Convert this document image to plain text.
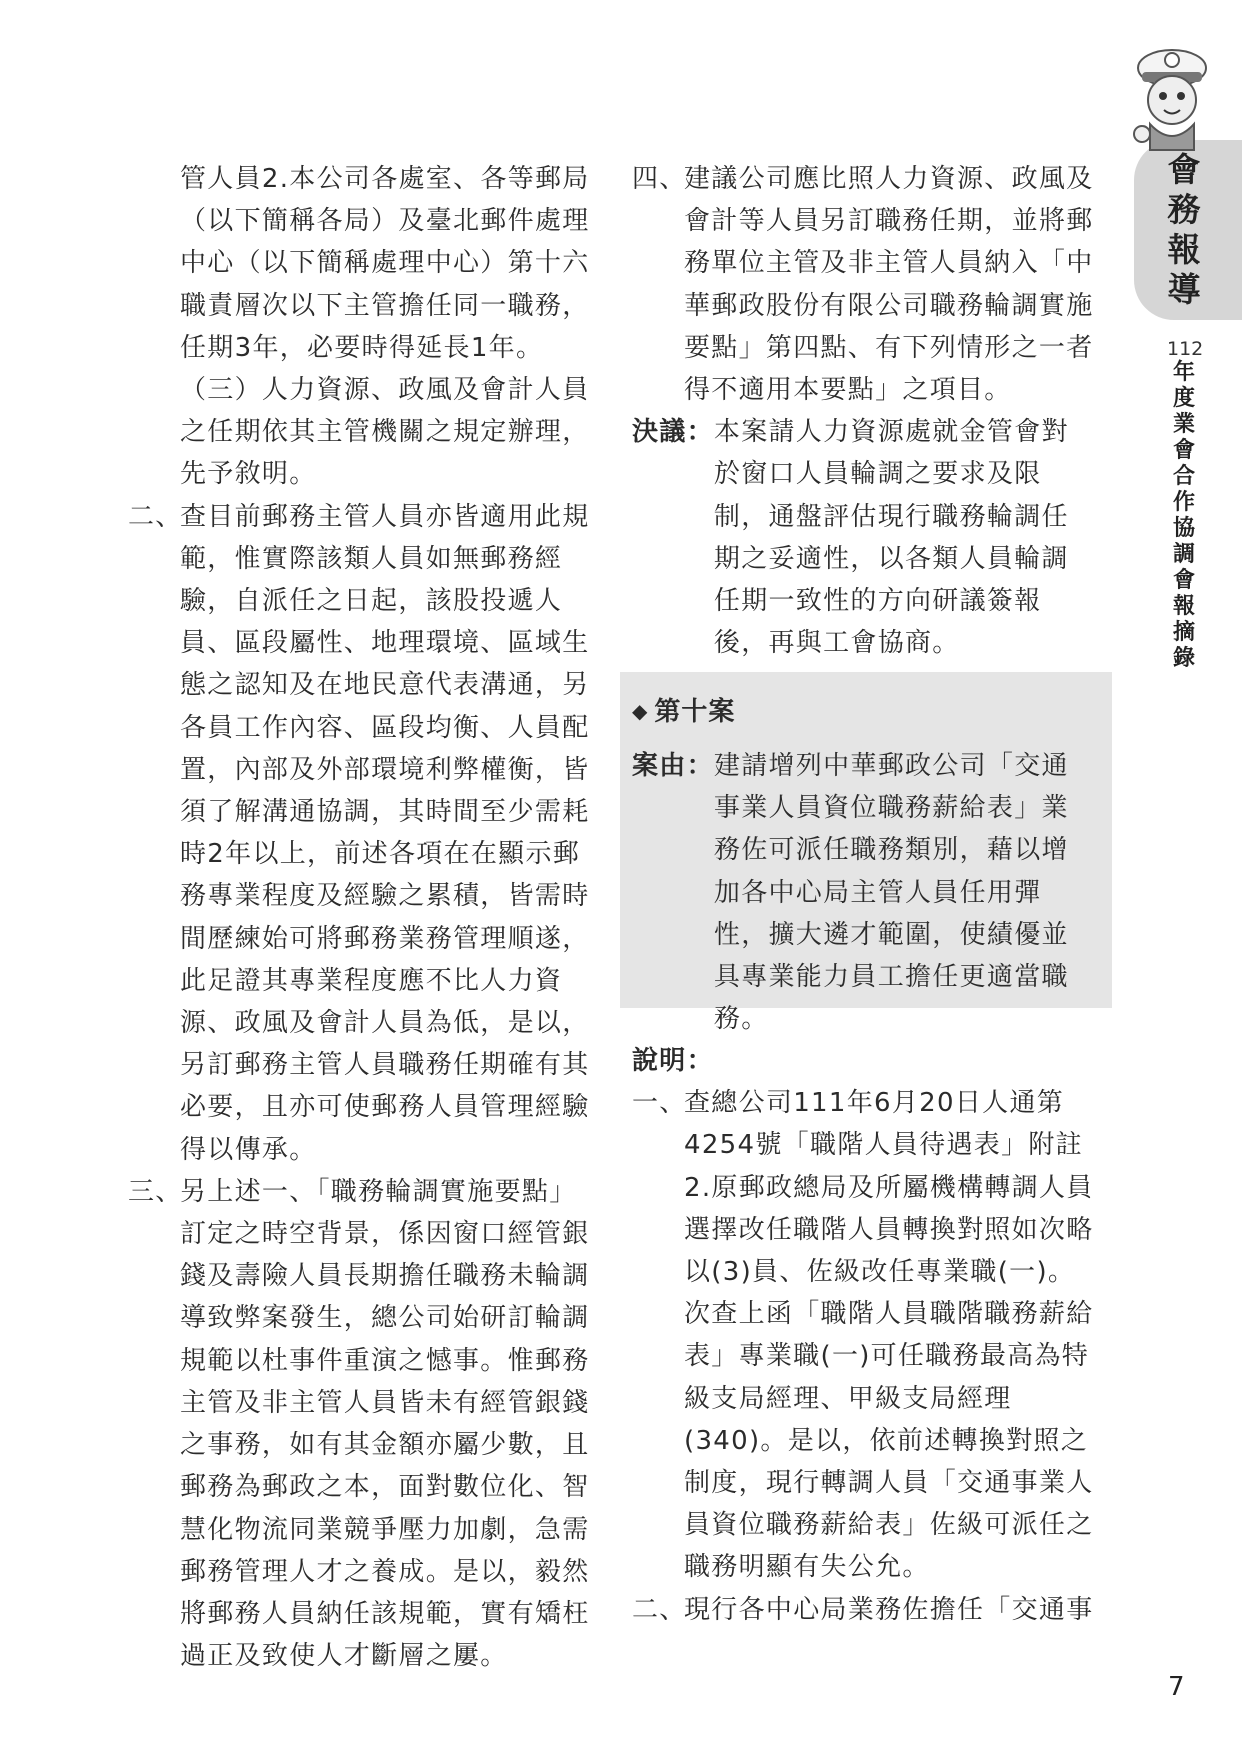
會務報導
112
年度業會合作協調會報摘錄

管人員2.本公司各處室、各等郵局（以下簡稱各局）及臺北郵件處理中心（以下簡稱處理中心）第十六職責層次以下主管擔任同一職務，任期3年，必要時得延長1年。（三）人力資源、政風及會計人員之任期依其主管機關之規定辦理，先予敘明。

二、

查目前郵務主管人員亦皆適用此規範，惟實際該類人員如無郵務經驗，自派任之日起，該股投遞人員、區段屬性、地理環境、區域生態之認知及在地民意代表溝通，另各員工作內容、區段均衡、人員配置，內部及外部環境利弊權衡，皆須了解溝通協調，其時間至少需耗時2年以上，前述各項在在顯示郵務專業程度及經驗之累積，皆需時間歷練始可將郵務業務管理順遂，此足證其專業程度應不比人力資源、政風及會計人員為低，是以，另訂郵務主管人員職務任期確有其必要，且亦可使郵務人員管理經驗得以傳承。

三、

另上述一、「職務輪調實施要點」訂定之時空背景，係因窗口經管銀錢及壽險人員長期擔任職務未輪調導致弊案發生，總公司始研訂輪調規範以杜事件重演之憾事。惟郵務主管及非主管人員皆未有經管銀錢之事務，如有其金額亦屬少數，且郵務為郵政之本，面對數位化、智慧化物流同業競爭壓力加劇，急需郵務管理人才之養成。是以，毅然將郵務人員納任該規範，實有矯枉過正及致使人才斷層之屢。

四、

建議公司應比照人力資源、政風及會計等人員另訂職務任期，並將郵務單位主管及非主管人員納入「中華郵政股份有限公司職務輪調實施要點」第四點、有下列情形之一者得不適用本要點」之項目。

決議： 本案請人力資源處就金管會對於窗口人員輪調之要求及限制，通盤評估現行職務輪調任期之妥適性，以各類人員輪調任期一致性的方向研議簽報後，再與工會協商。

◆ 第十案
案由： 建請增列中華郵政公司「交通事業人員資位職務薪給表」業務佐可派任職務類別，藉以增加各中心局主管人員任用彈性，擴大遴才範圍，使績優並具專業能力員工擔任更適當職務。

說明：

一、

查總公司111年6月20日人通第4254號「職階人員待遇表」附註2.原郵政總局及所屬機構轉調人員選擇改任職階人員轉換對照如次略以(3)員、佐級改任專業職(一)。次查上函「職階人員職階職務薪給表」專業職(一)可任職務最高為特級支局經理、甲級支局經理(340)。是以，依前述轉換對照之制度，現行轉調人員「交通事業人員資位職務薪給表」佐級可派任之職務明顯有失公允。

二、

現行各中心局業務佐擔任「交通事

7
